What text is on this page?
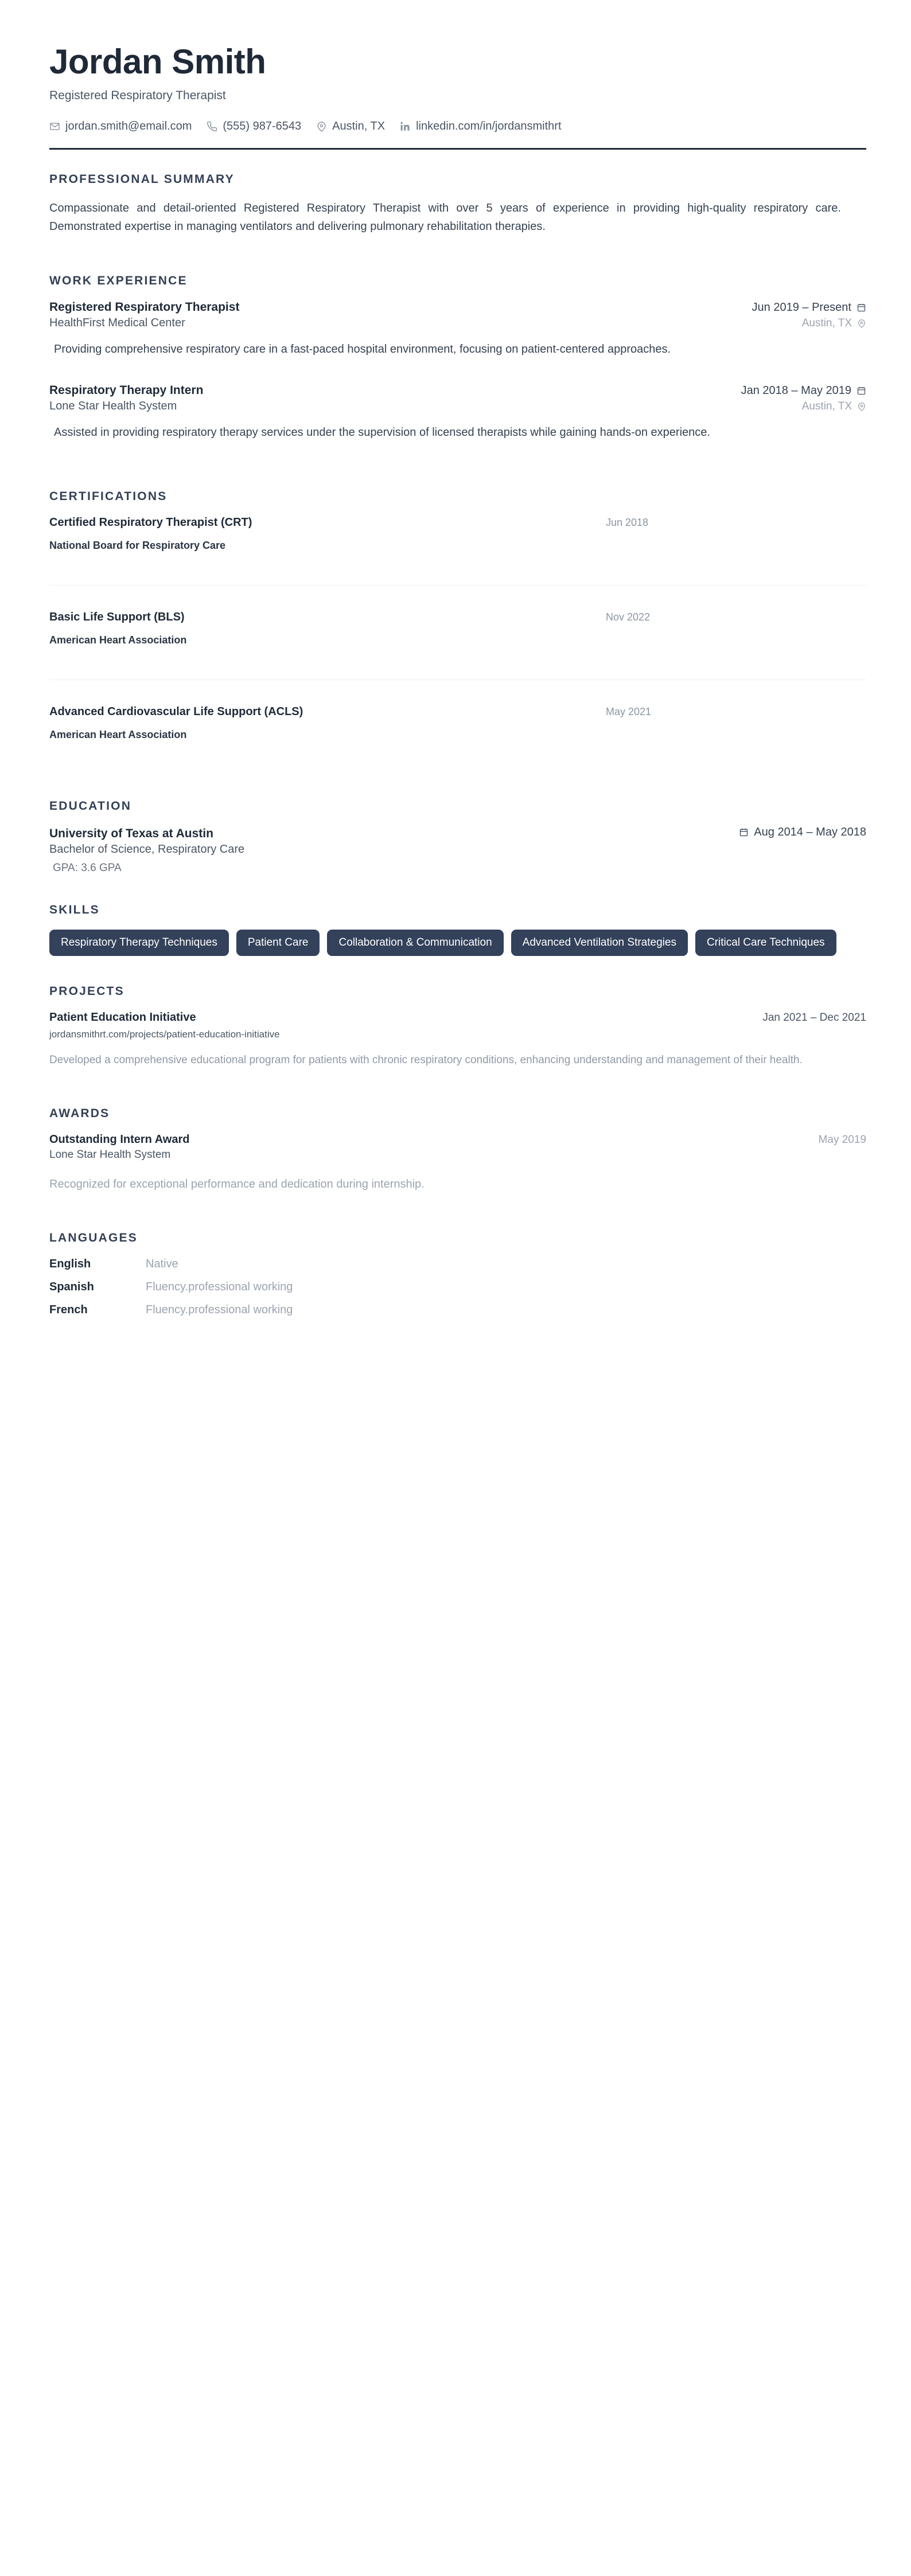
Jordan Smith
Registered Respiratory Therapist
jordan.smith@email.com	(555) 987-6543	Austin, TX	linkedin.com/in/jordansmithrt
PROFESSIONAL SUMMARY

Compassionate and detail-oriented Registered Respiratory Therapist with over 5 years of experience in providing high-quality respiratory care. Demonstrated expertise in managing ventilators and delivering pulmonary rehabilitation therapies.

WORK EXPERIENCE
Registered Respiratory Therapist	Jun 2019 – Present
HealthFirst Medical Center	Austin, TX

Providing comprehensive respiratory care in a fast-paced hospital environment, focusing on patient-centered approaches.

Respiratory Therapy Intern	Jan 2018 – May 2019
Lone Star Health System	Austin, TX

Assisted in providing respiratory therapy services under the supervision of licensed therapists while gaining hands-on experience.

CERTIFICATIONS
Certified Respiratory Therapist (CRT)	Jun 2018
National Board for Respiratory Care
Basic Life Support (BLS)	Nov 2022
American Heart Association
Advanced Cardiovascular Life Support (ACLS)	May 2021
American Heart Association
EDUCATION
University of Texas at Austin	Aug 2014 – May 2018
Bachelor of Science, Respiratory Care
GPA: 3.6 GPA
SKILLS
Respiratory Therapy Techniques	Patient Care	Collaboration & Communication	Advanced Ventilation Strategies	Critical Care Techniques
PROJECTS
Patient Education Initiative	Jan 2021 – Dec 2021
jordansmithrt.com/projects/patient-education-initiative

Developed a comprehensive educational program for patients with chronic respiratory conditions, enhancing understanding and management of their health.

AWARDS
Outstanding Intern Award	May 2019
Lone Star Health System

Recognized for exceptional performance and dedication during internship.

LANGUAGES
English	Native
Spanish	Fluency.professional working
French	Fluency.professional working
